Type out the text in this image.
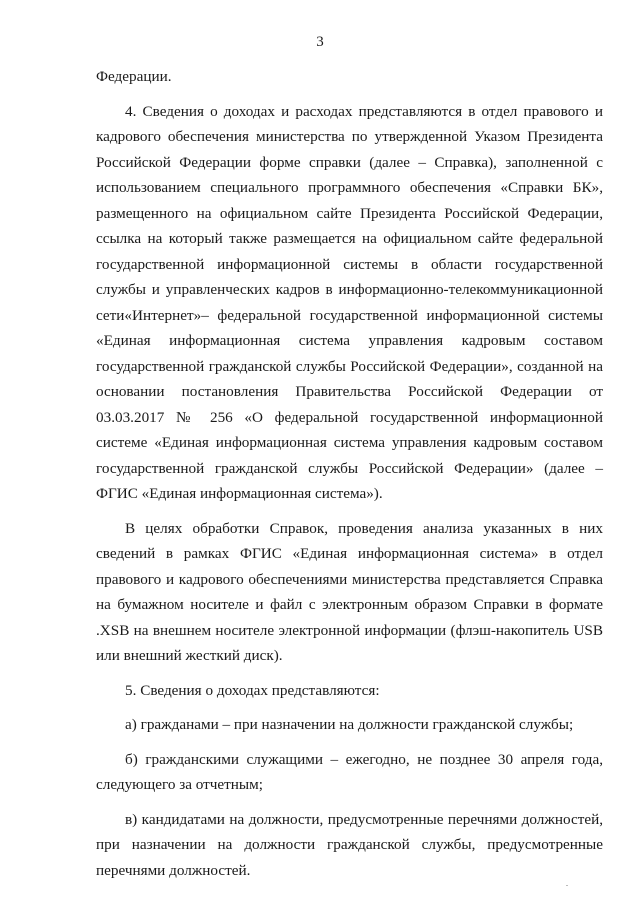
3

Федерации.

4. Сведения о доходах и расходах представляются в отдел правового и кадрового обеспечения министерства по утвержденной Указом Президента Российской Федерации форме справки (далее – Справка), заполненной с использованием специального программного обеспечения «Справки БК», размещенного на официальном сайте Президента Российской Федерации, ссылка на который также размещается на официальном сайте федеральной государственной информационной системы в области государственной службы и управленческих кадров в информационно-телекоммуникационной сети«Интернет»– федеральной государственной информационной системы «Единая информационная система управления кадровым составом государственной гражданской службы Российской Федерации», созданной на основании постановления Правительства Российской Федерации от 03.03.2017 № 256 «О федеральной государственной информационной системе «Единая информационная система управления кадровым составом государственной гражданской службы Российской Федерации» (далее – ФГИС «Единая информационная система»).

В целях обработки Справок, проведения анализа указанных в них сведений в рамках ФГИС «Единая информационная система» в отдел правового и кадрового обеспечениями министерства представляется Справка на бумажном носителе и файл с электронным образом Справки в формате .XSB на внешнем носителе электронной информации (флэш-накопитель USB или внешний жесткий диск).

5. Сведения о доходах представляются:

а) гражданами – при назначении на должности гражданской службы;

б) гражданскими служащими – ежегодно, не позднее 30 апреля года, следующего за отчетным;

в) кандидатами на должности, предусмотренные перечнями должностей, при назначении на должности гражданской службы, предусмотренные перечнями должностей.
